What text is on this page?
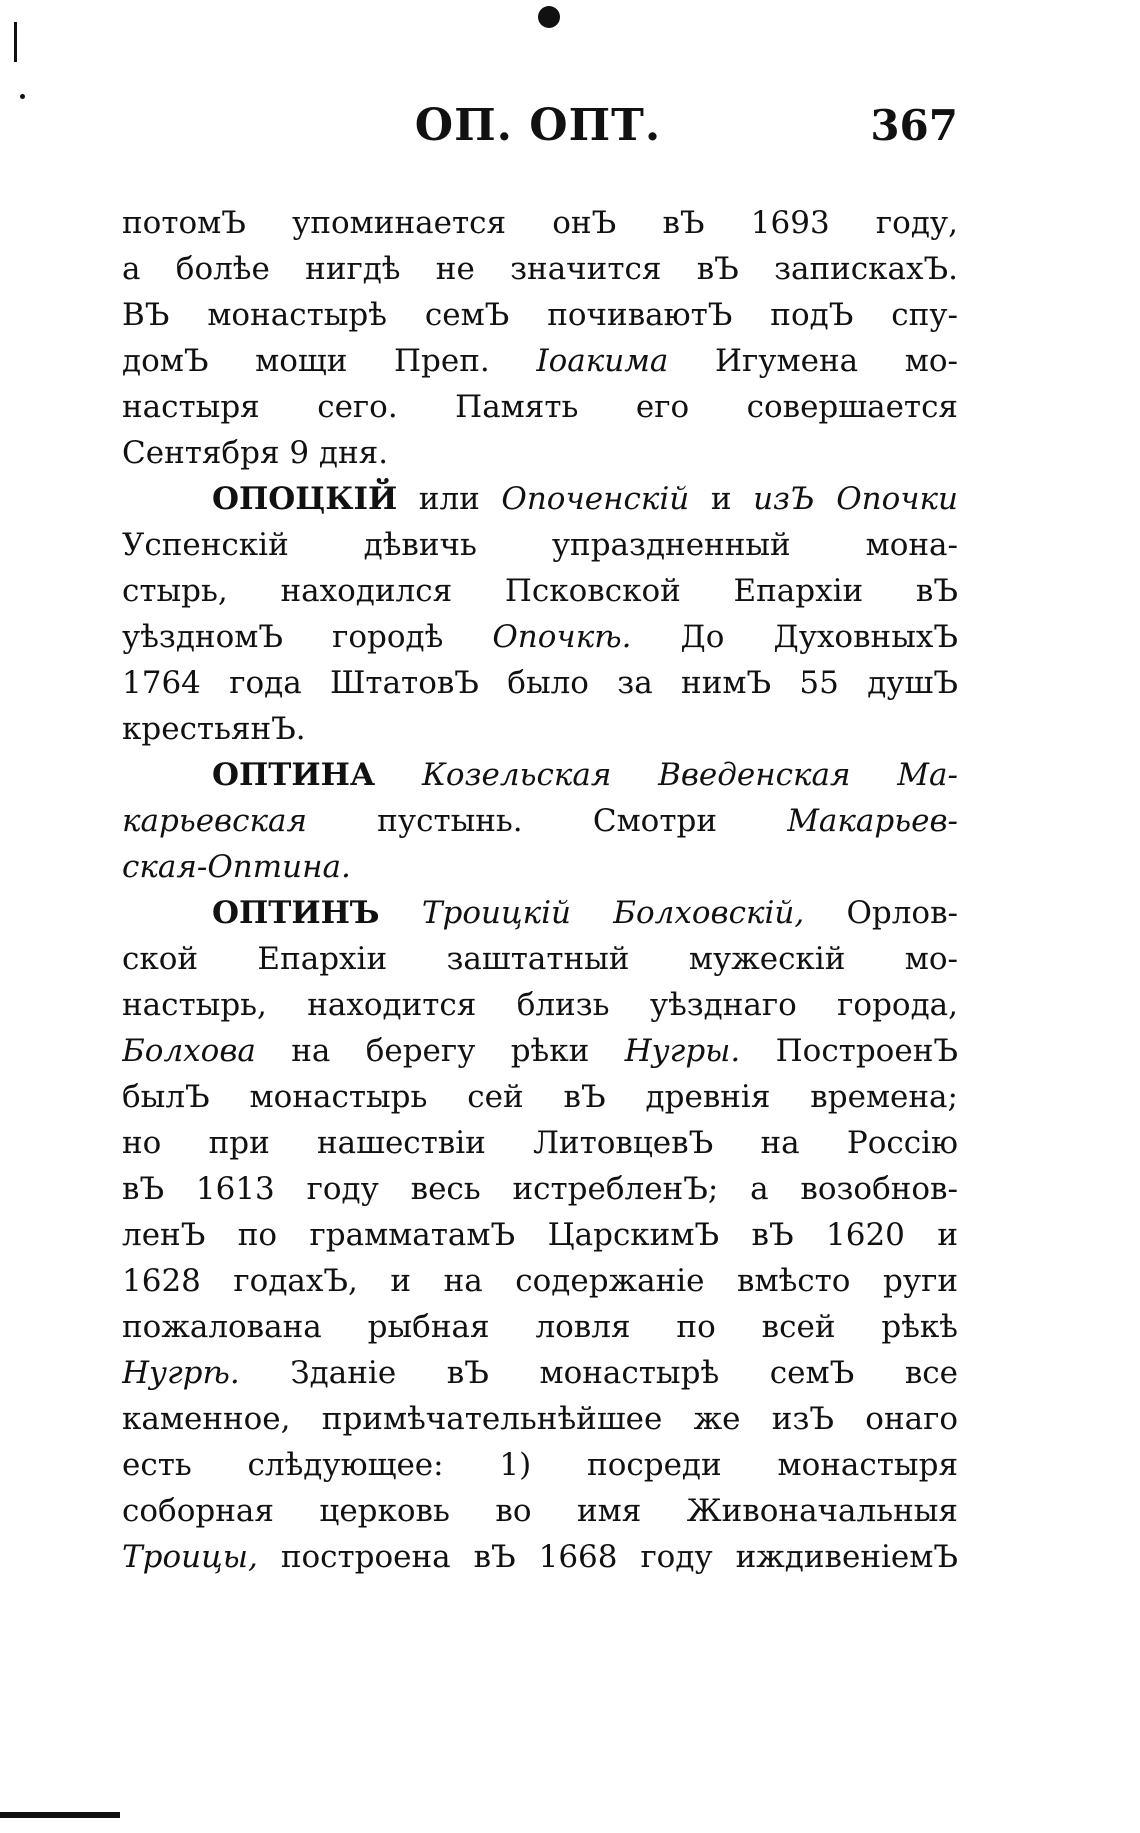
ОП. ОПТ.	367
потомЪ упоминается онЪ вЪ 1693 году,
а болѣе нигдѣ не значится вЪ запискахЪ.
ВЪ монастырѣ семЪ почиваютЪ подЪ спу-
домЪ мощи Преп. Іоакима Игумена мо-
настыря сего. Память его совершается
Сентября 9 дня.
ОПОЦКІЙ или Опоченскій и изЪ Опочки
Успенскій дѣвичь упраздненный мона-
стырь, находился Псковской Епархіи вЪ
уѣздномЪ городѣ Опочкѣ. До ДуховныхЪ
1764 года ШтатовЪ было за нимЪ 55 душЪ
крестьянЪ.
ОПТИНА Козельская Введенская Ма-
карьевская пустынь. Смотри Макарьев-
ская-Оптина.
ОПТИНЪ Троицкій Болховскій, Орлов-
ской Епархіи заштатный мужескій мо-
настырь, находится близь уѣзднаго города,
Болхова на берегу рѣки Нугры. ПостроенЪ
былЪ монастырь сей вЪ древнія времена;
но при нашествіи ЛитовцевЪ на Россію
вЪ 1613 году весь истребленЪ; а возобнов-
ленЪ по грамматамЪ ЦарскимЪ вЪ 1620 и
1628 годахЪ, и на содержаніе вмѣсто руги
пожалована рыбная ловля по всей рѣкѣ
Нугрѣ. Зданіе вЪ монастырѣ семЪ все
каменное, примѣчательнѣйшее же изЪ онаго
есть слѣдующее: 1) посреди монастыря
соборная церковь во имя Живоначальныя
Троицы, построена вЪ 1668 году иждивеніемЪ
